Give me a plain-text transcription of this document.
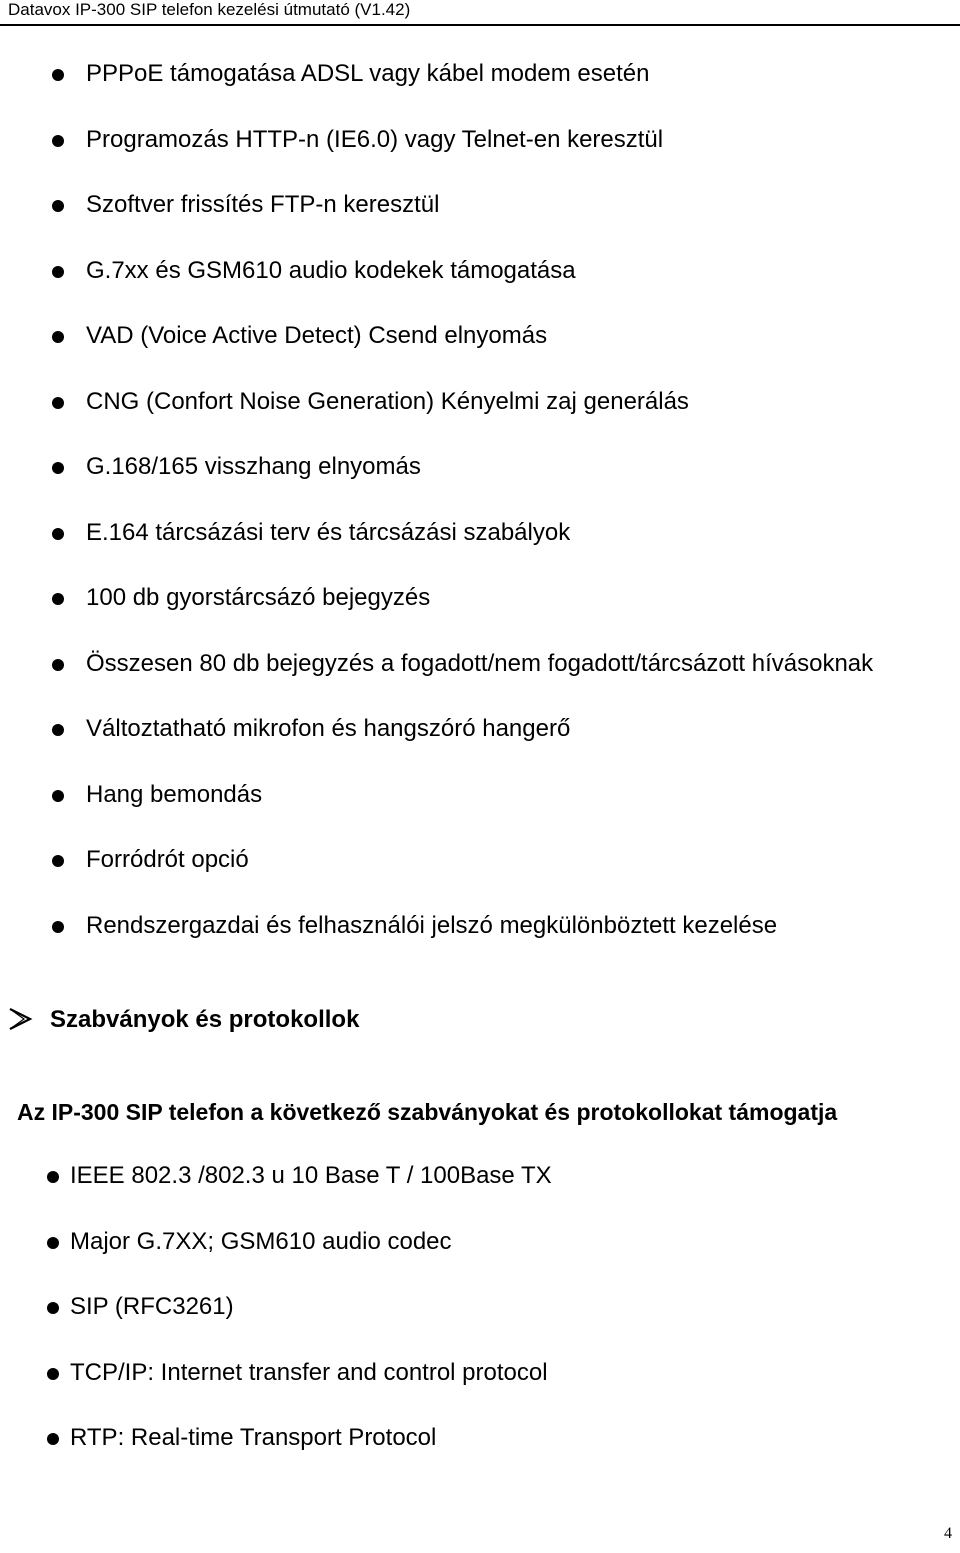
Datavox IP-300 SIP telefon kezelési útmutató (V1.42)
PPPoE támogatása ADSL vagy kábel modem esetén
Programozás HTTP-n (IE6.0) vagy Telnet-en keresztül
Szoftver frissítés FTP-n keresztül
G.7xx és GSM610 audio kodekek támogatása
VAD (Voice Active Detect) Csend elnyomás
CNG (Confort Noise Generation) Kényelmi zaj generálás
G.168/165 visszhang elnyomás
E.164 tárcsázási terv és tárcsázási szabályok
100 db gyorstárcsázó bejegyzés
Összesen 80 db bejegyzés a fogadott/nem fogadott/tárcsázott hívásoknak
Változtatható mikrofon és hangszóró hangerő
Hang bemondás
Forródrót opció
Rendszergazdai és felhasználói jelszó megkülönböztett kezelése
Szabványok és protokollok
Az IP-300 SIP telefon a következő szabványokat és protokollokat támogatja
IEEE 802.3 /802.3 u 10 Base T / 100Base TX
Major G.7XX; GSM610 audio codec
SIP (RFC3261)
TCP/IP: Internet transfer and control protocol
RTP: Real-time Transport Protocol
4
